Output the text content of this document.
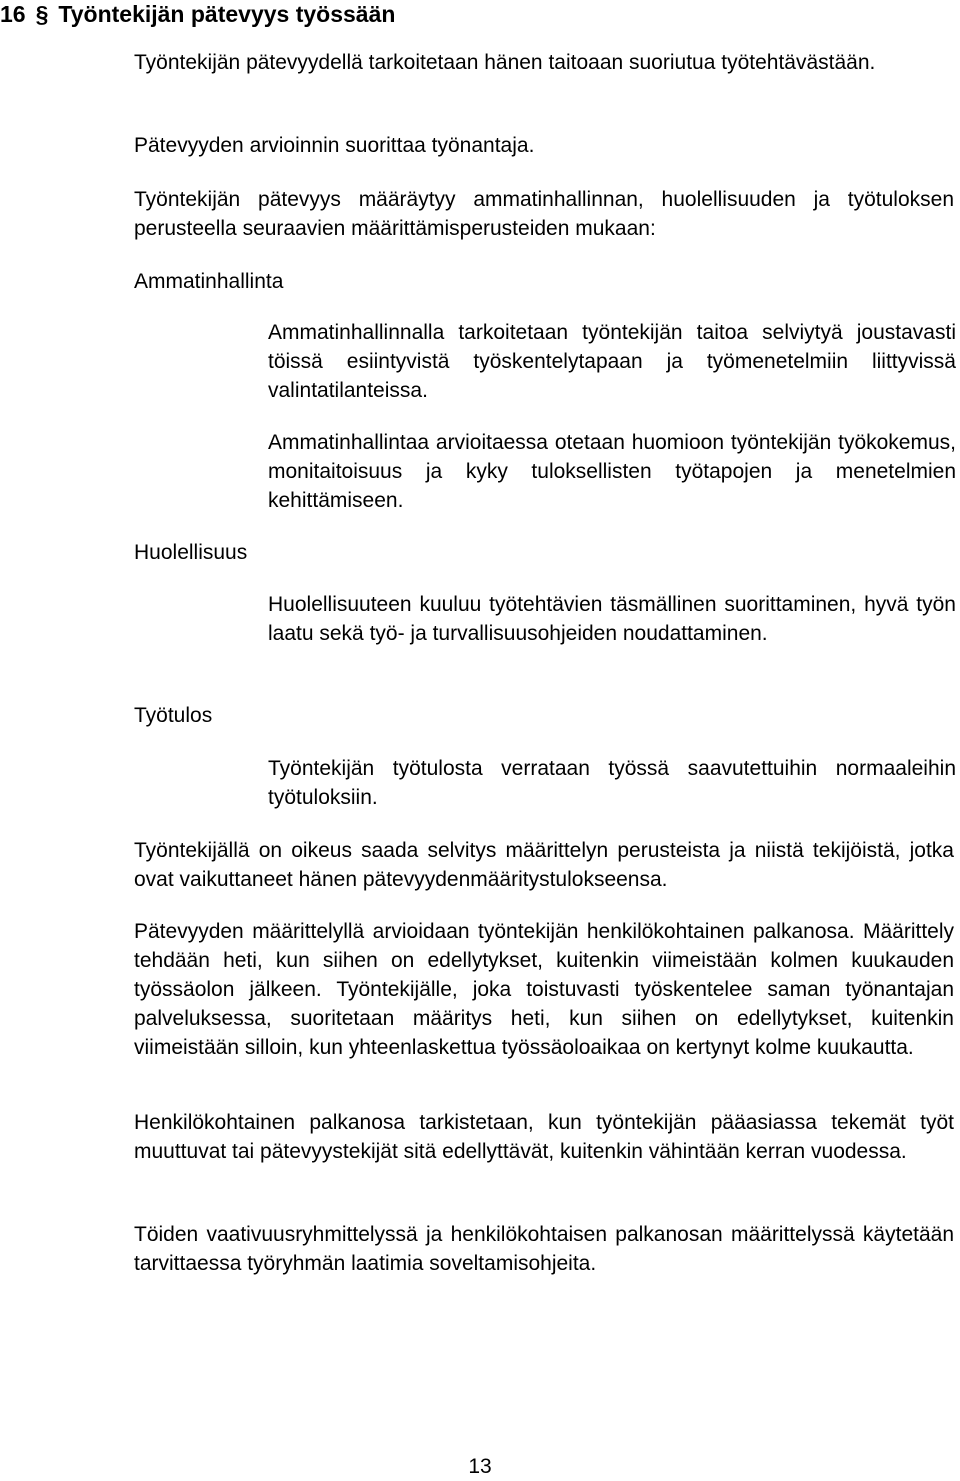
16 § Työntekijän pätevyys työssään

Työntekijän pätevyydellä tarkoitetaan hänen taitoaan suoriutua työtehtävästään.

Pätevyyden arvioinnin suorittaa työnantaja.

Työntekijän pätevyys määräytyy ammatinhallinnan, huolellisuuden ja työtuloksen perusteella seuraavien määrittämisperusteiden mukaan:

Ammatinhallinta

Ammatinhallinnalla tarkoitetaan työntekijän taitoa selviytyä joustavasti töissä esiintyvistä työskentelytapaan ja työmenetelmiin liittyvissä valintatilanteissa.

Ammatinhallintaa arvioitaessa otetaan huomioon työntekijän työkokemus, monitaitoisuus ja kyky tuloksellisten työtapojen ja menetelmien kehittämiseen.

Huolellisuus

Huolellisuuteen kuuluu työtehtävien täsmällinen suorittaminen, hyvä työn laatu sekä työ- ja turvallisuusohjeiden noudattaminen.

Työtulos

Työntekijän työtulosta verrataan työssä saavutettuihin normaaleihin työtuloksiin.

Työntekijällä on oikeus saada selvitys määrittelyn perusteista ja niistä tekijöistä, jotka ovat vaikuttaneet hänen pätevyydenmääritystulokseensa.

Pätevyyden määrittelyllä arvioidaan työntekijän henkilökohtainen palkanosa. Määrittely tehdään heti, kun siihen on edellytykset, kuitenkin viimeistään kolmen kuukauden työssäolon jälkeen. Työntekijälle, joka toistuvasti työskentelee saman työnantajan palveluksessa, suoritetaan määritys heti, kun siihen on edellytykset, kuitenkin viimeistään silloin, kun yhteenlaskettua työssäoloaikaa on kertynyt kolme kuukautta.

Henkilökohtainen palkanosa tarkistetaan, kun työntekijän pääasiassa tekemät työt muuttuvat tai pätevyystekijät sitä edellyttävät, kuitenkin vähintään kerran vuodessa.

Töiden vaativuusryhmittelyssä ja henkilökohtaisen palkanosan määrittelyssä käytetään tarvittaessa työryhmän laatimia soveltamisohjeita.

13
